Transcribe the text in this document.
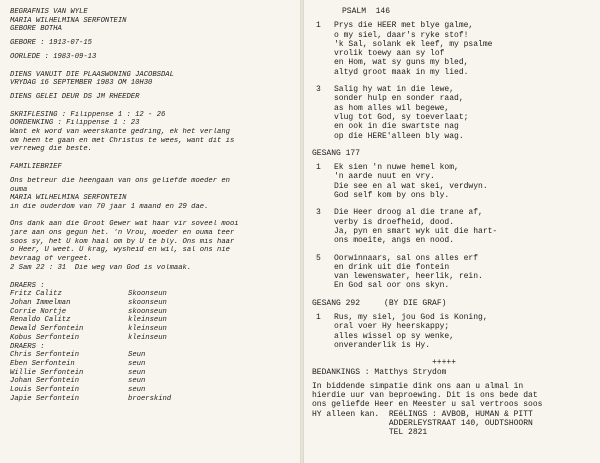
BEGRAFNIS VAN WYLE
MARIA WILHELMINA SERFONTEIN
GEBORE BOTHA
GEBORE : 1913-07-15
OORLEDE : 1983-09-13
DIENS VANUIT DIE PLAASWONING JACOBSDAL
VRYDAG 16 SEPTEMBER 1983 OM 10H30
DIENS GELEI DEUR DS JM RHEEDER
SKRIFLESING : Filippense 1 : 12 - 26
OORDENKING : Filippense 1 : 23
Want ek word van weerskante gedring, ek het verlang
om heen te gaan en met Christus te wees, want dit is
verreweg die beste.
FAMILIEBRIEF
Ons betreur die heengaan van ons geliefde moeder en
ouma
MARIA WILHELMINA SERFONTEIN
in die ouderdom van 70 jaar 1 maand en 29 dae.

Ons dank aan die Groot Gewer wat haar vir soveel mooi
jare aan ons gegun het. 'n Vrou, moeder en ouma teer
soos sy, het U kom haal om by U te bly. Ons mis haar
o Heer, U weet. U krag, wysheid en wil, sal ons nie
bevraag of vergeet.
2 Sam 22 : 31  Die weg van God is volmaak.
DRAERS :
Fritz Calitz	Skoonseun
Johan Immelman	skoonseun
Corrie Nortje	skoonseun
Renaldo Calitz	kleinseun
Dewald Serfontein	kleinseun
Kobus Serfontein	kleinseun
DRAERS :
Chris Serfontein	Seun
Eben Serfontein	seun
Willie Serfontein	seun
Johan Serfontein	seun
Louis Serfontein	seun
Japie Serfontein	broerskind
PSALM  146
1	Prys die HEER met blye galme,
o my siel, daar's ryke stof!
'k Sal, solank ek leef, my psalme
vrolik toewy aan sy lof
en Hom, wat sy guns my bled,
altyd groot maak in my lied.
3	Salig hy wat in die lewe,
sonder hulp en sonder raad,
as hom alles wil begewe,
vlug tot God, sy toeverlaat;
en ook in die swartste nag
op die HERE'alleen bly wag.
GESANG 177
1	Ek sien 'n nuwe hemel kom,
'n aarde nuut en vry.
Die see en al wat skei, verdwyn.
God self kom by ons bly.
3	Die Heer droog al die trane af,
verby is droefheid, dood.
Ja, pyn en smart wyk uit die hart-
ons moeite, angs en nood.
5	Oorwinnaars, sal ons alles erf
en drink uit die fontein
van lewenswater, heerlik, rein.
En God sal oor ons skyn.
GESANG 292     (BY DIE GRAF)
1	Rus, my siel, jou God is Koning,
oral voer Hy heerskappy;
alles wissel op sy wenke,
onveranderlik is Hy.
+++++
BEDANKINGS : Matthys Strydom
In biddende simpatie dink ons aan u almal in
hierdie uur van beproewing. Dit is ons bede dat
ons geliefde Heer en Meester u sal vertroos soos
HY alleen kan.  REëLINGS : AVBOB, HUMAN & PITT
ADDERLEYSTRAAT 140, OUDTSHOORN
TEL 2821
